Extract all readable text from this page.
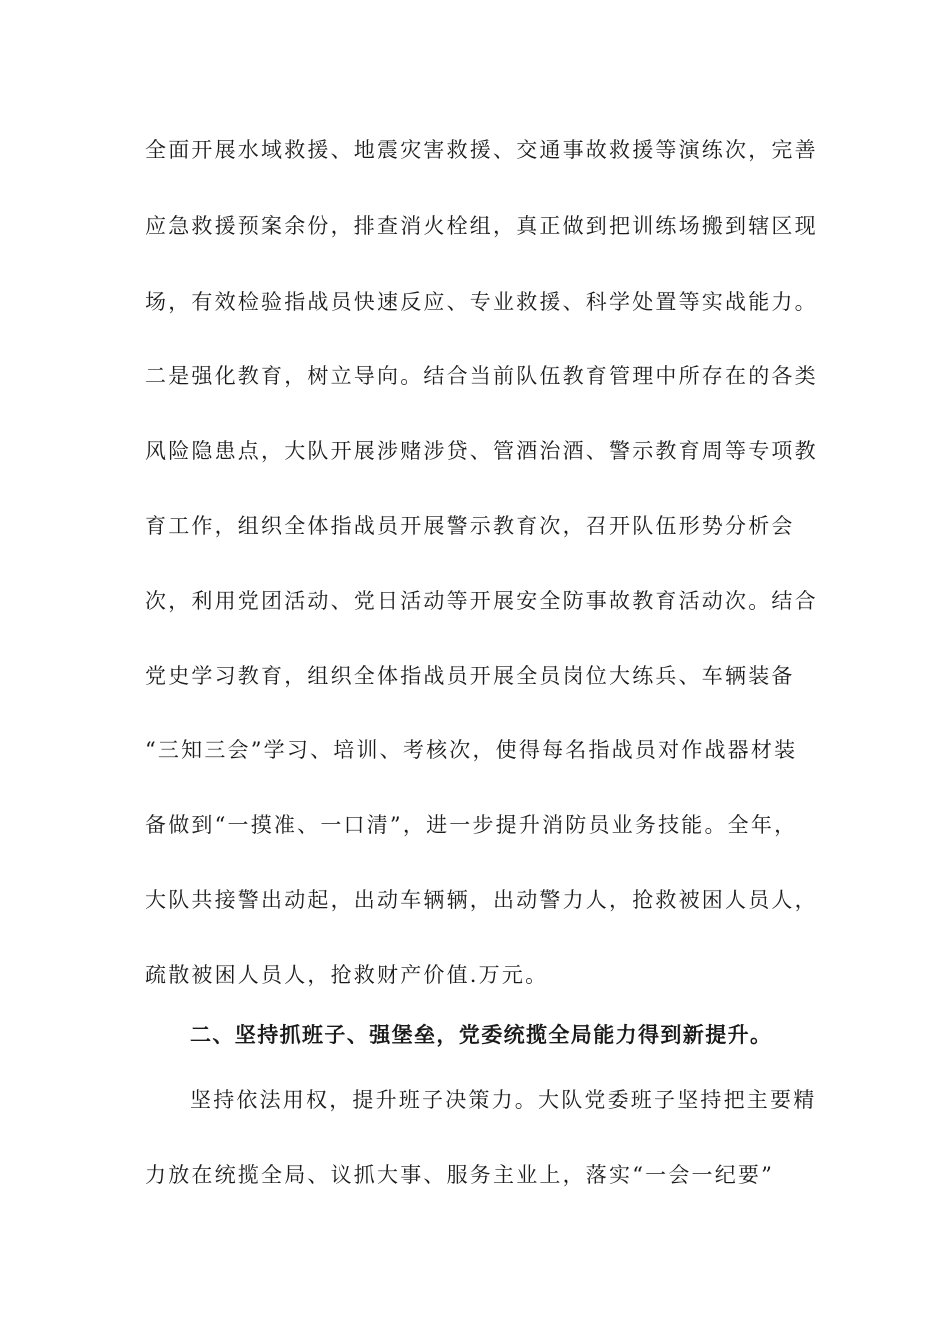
全面开展水域救援、地震灾害救援、交通事故救援等演练次，完善
应急救援预案余份，排查消火栓组，真正做到把训练场搬到辖区现
场，有效检验指战员快速反应、专业救援、科学处置等实战能力。
二是强化教育，树立导向。结合当前队伍教育管理中所存在的各类
风险隐患点，大队开展涉赌涉贷、管酒治酒、警示教育周等专项教
育工作，组织全体指战员开展警示教育次，召开队伍形势分析会
次，利用党团活动、党日活动等开展安全防事故教育活动次。结合
党史学习教育，组织全体指战员开展全员岗位大练兵、车辆装备
“三知三会”学习、培训、考核次，使得每名指战员对作战器材装
备做到“一摸准、一口清”，进一步提升消防员业务技能。全年，
大队共接警出动起，出动车辆辆，出动警力人，抢救被困人员人，
疏散被困人员人，抢救财产价值.万元。
二、坚持抓班子、强堡垒，党委统揽全局能力得到新提升。
坚持依法用权，提升班子决策力。大队党委班子坚持把主要精
力放在统揽全局、议抓大事、服务主业上，落实“一会一纪要”
